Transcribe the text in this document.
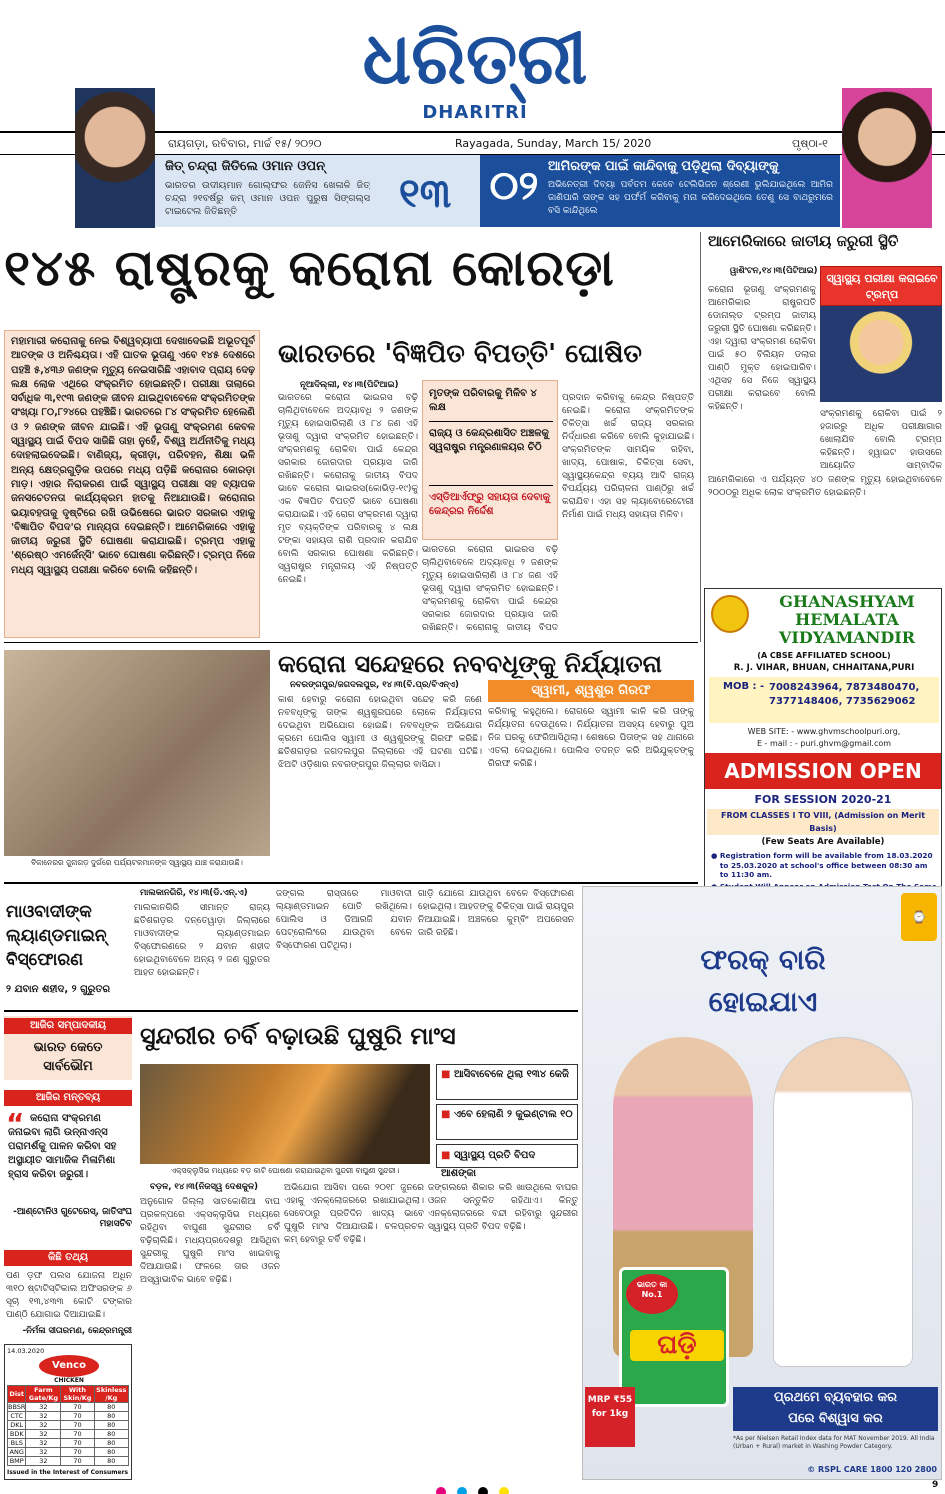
ଧରିତ୍ରୀ
DHARITRI
ରାୟଗଡ଼ା, ରବିବାର, ମାର୍ଚ୍ଚ ୧୫/ ୨୦୨୦	Rayagada, Sunday, March 15/ 2020	ପୃଷ୍ଠା-୧
ଜିତ୍ ଚନ୍ଦ୍ରା ଜିତିଲେ ଓମାନ ଓପନ୍
ଭାରତର ଉଦୀୟମାନ ଗୋଲ୍ଫର ଜେନିସ ଖେଳାଳି ଜିତ୍ ଚନ୍ଦ୍ରା ୨୧ବର୍ଷରୁ କମ୍ ଓମାନ ଓପନ ପୁରୁଷ ସିଙ୍ଗଲ୍ସ ଟାଇଟେଲ ଜିତିଛନ୍ତି	୧୩ ୦୨ ଆମିରଙ୍କ ପାଇଁ କାନ୍ଦିବାକୁ ପଡ଼ିଥିଲା ଦିବ୍ୟାଙ୍କୁ
ଅଭିନେତ୍ରୀ ଦିବ୍ୟା ପର୍ବତମ କେବେ ଟେଲିଭିଜନ ଶ୍ରେଣୀ ଭୁଲିଯାଇଥିଲେ ଆମିର ଜାଣିପାରି ତାଙ୍କ ସହ ପର୍ଫର୍ମ କରିବାକୁ ମନା କରିଦେଇଥିଲେ ତେଣୁ ସେ ବାଥରୁମରେ ବସି କାନ୍ଦିଥିଲେ
୧୪୫ ରାଷ୍ଟ୍ରକୁ କରୋନା କୋରଡ଼ା
ମହାମାରୀ କରୋନାକୁ ନେଇ ବିଶ୍ୱବ୍ୟାପୀ ଦେଖାଦେଇଛି ଅଭୂତପୂର୍ବ ଆତଙ୍କ ଓ ଅନିଶ୍ଚୟତା। ଏହି ଘାତକ ଭୂତାଣୁ ଏବେ ୧୪୫ ଦେଶରେ ପହଞ୍ଚି ୫,୪୩୬ ଜଣଙ୍କ ମୃତ୍ୟୁ ନେଇସାରିଛି ଏହାବାଦ ପ୍ରାୟ ଦେଢ଼ ଲକ୍ଷ ଲୋକ ଏଥିରେ ସଂକ୍ରମିତ ହୋଇଛନ୍ତି। ପରୀକ୍ଷା ତାଲାରେ ସର୍ବାଧିକ ୩,୧୯୩ ଜଣଙ୍କ ଜୀବନ ଯାଇଥିବାବେଳେ ସଂକ୍ରମିତଙ୍କ ସଂଖ୍ୟା ୮୦,୮୨୪ରେ ପହଞ୍ଚିଛି। ଭାରତରେ ୮୪ ସଂକ୍ରମିତ ହେଲେଣି ଓ ୨ ଜଣଙ୍କ ଜୀବନ ଯାଇଛି। ଏହି ଭୂତାଣୁ ସଂକ୍ରମଣ କେବଳ ସ୍ୱାସ୍ଥ୍ୟ ପାଇଁ ବିପଦ ସାଜିଛି ତାହା ନୁହେଁ, ବିଶ୍ୱ ଅର୍ଥନୀତିକୁ ମଧ୍ୟ ଦୋହଲାଇଦେଇଛି। ବାଣିଜ୍ୟ, କ୍ରୀଡ଼ା, ପରିବହନ, ଶିକ୍ଷା ଭଳି ଅନ୍ୟ କ୍ଷେତ୍ରଗୁଡ଼ିକ ଉପରେ ମଧ୍ୟ ପଡ଼ିଛି କରୋନାର କୋରଡ଼ା ମାଡ଼। ଏହାର ନିରାକରଣ ପାଇଁ ସ୍ୱାସ୍ଥ୍ୟ ପରୀକ୍ଷା ସହ ବ୍ୟାପକ ଜନସଚେତନତା କାର୍ଯ୍ୟକ୍ରମ ହାତକୁ ନିଆଯାଉଛି। କରୋନାର ଭୟାବହତାକୁ ଦୃଷ୍ଟିରେ ରଖି ଉଭିଷେରେ ଭାରତ ସରକାର ଏହାକୁ 'ବିଜ୍ଞାପିତ ବିପଦ'ର ମାନ୍ୟତା ଦେଇଛନ୍ତି। ଆମେରିକାରେ ଏହାକୁ ଜାତୀୟ ଜରୁରୀ ସ୍ଥିତି ଘୋଷଣା କରାଯାଇଛି। ଟ୍ରମ୍ପ ଏହାକୁ 'ଶ୍ରେଷ୍ଠ ଏମର୍ଜେନ୍ସି' ଭାବେ ଘୋଷଣା କରିଛନ୍ତି। ଟ୍ରମ୍ପ ନିଜେ ମଧ୍ୟ ସ୍ୱାସ୍ଥ୍ୟ ପରୀକ୍ଷା କରିବେ ବୋଲି କହିଛନ୍ତି।
ଭାରତରେ 'ବିଜ୍ଞପିତ ବିପତ୍ତି' ଘୋଷିତ
ନୂଆଦିଲ୍ଲୀ, ୧୪।୩(ପିଟିଆଇ)
ଭାରତରେ କରୋନା ଭାଇରସ ବଢ଼ି ଚାଲିଥିବାବେଳେ ଅଦ୍ୟାବଧି ୨ ଜଣଙ୍କ ମୃତ୍ୟୁ ହୋଇସାରିଲାଣି ଓ ୮୪ ଜଣ ଏହି ଭୂତାଣୁ ଦ୍ୱାରା ସଂକ୍ରମିତ ହୋଇଛନ୍ତି। ସଂକ୍ରମଣକୁ ରୋକିବା ପାଇଁ କେନ୍ଦ୍ର ସରକାର ଜୋରଦାର ପ୍ରୟାସ ଜାରି ରଖିଛନ୍ତି। କରୋନାକୁ ଜାତୀୟ ବିପଦ ଭାବେ କରୋନା ଭାଇରସ(କୋଭିଡ଼-୧୯)କୁ ଏକ ବିଜ୍ଞପିତ ବିପତ୍ତି ଭାବେ ଘୋଷଣା କରାଯାଇଛି। ଏହି ରୋଗ ସଂକ୍ରମଣ ଦ୍ୱାରା ମୃତ ବ୍ୟକ୍ତିଙ୍କ ପରିବାରକୁ ୪ ଲକ୍ଷ ଟଙ୍କା ସହାୟତା ରାଶି ପ୍ରଦାନ କରାଯିବ ବୋଲି ସରକାର ଘୋଷଣା କରିଛନ୍ତି। ସ୍ୱରାଷ୍ଟ୍ର ମନ୍ତ୍ରାଳୟ ଏହି ନିଷ୍ପତ୍ତି ନେଇଛି।
ମୃତଙ୍କ ପରିବାରକୁ ମିଳିବ ୪ ଲକ୍ଷ
ରାଜ୍ୟ ଓ କେନ୍ଦ୍ରଶାସିତ ଅଞ୍ଚଳକୁ ସ୍ୱରାଷ୍ଟ୍ର ମନ୍ତ୍ରଣାଳୟର ଚିଠି
ଏସ୍ଡିଆର୍ଏଫ୍‌ରୁ ସହାୟତା ଦେବାକୁ କେନ୍ଦ୍ରର ନିର୍ଦ୍ଦେଶ
ଭାରତରେ କରୋନା ଭାଇରସ ବଢ଼ି ଚାଲିଥିବାବେଳେ ଅଦ୍ୟାବଧି ୨ ଜଣଙ୍କ ମୃତ୍ୟୁ ହୋଇସାରିଲାଣି ଓ ୮୪ ଜଣ ଏହି ଭୂତାଣୁ ଦ୍ୱାରା ସଂକ୍ରମିତ ହୋଇଛନ୍ତି। ସଂକ୍ରମଣକୁ ରୋକିବା ପାଇଁ କେନ୍ଦ୍ର ସରକାର ଜୋରଦାର ପ୍ରୟାସ ଜାରି ରଖିଛନ୍ତି। କରୋନାକୁ ଜାତୀୟ ବିପଦ
ପ୍ରଦାନ କରିବାକୁ କେନ୍ଦ୍ର ନିଷ୍ପତ୍ତି ନେଇଛି। କରୋନା ସଂକ୍ରମିତଙ୍କ ଚିକିତ୍ସା ଖର୍ଚ୍ଚ ରାଜ୍ୟ ସରକାର ନିର୍ଦ୍ଧାରଣ କରିବେ ବୋଲି କୁହାଯାଇଛି। ସଂକ୍ରମିତଙ୍କ ସାମୟିକ ରହିବା, ଖାଦ୍ୟ, ପୋଷାକ, ଚିକିତ୍ସା ସେବା, ସ୍ୱାସ୍ଥ୍ୟକେନ୍ଦ୍ର ବ୍ୟୟ ଆଦି ରାଜ୍ୟ ବିପର୍ଯ୍ୟୟ ପରିଚାଳନା ପାଣ୍ଠିରୁ ଖର୍ଚ୍ଚ କରାଯିବ। ଏହା ସହ ଲ୍ୟାବୋରେଟୋରୀ ନିର୍ମାଣ ପାଇଁ ମଧ୍ୟ ସହାୟତା ମିଳିବ।
ଆମେରିକାରେ ଜାତୀୟ ଜରୁରୀ ସ୍ଥିତି
ୱାଶିଂଟନ,୧୪।୩(ପିଟିଆଇ)
କରୋନା ଭୂତାଣୁ ସଂକ୍ରମଣକୁ ଆମେରିକାର ରାଷ୍ଟ୍ରପତି ଡୋନାଲ୍ଡ ଟ୍ରମ୍ପ ଜାତୀୟ ଜରୁରୀ ସ୍ଥିତି ଘୋଷଣା କରିଛନ୍ତି। ଏହା ଦ୍ୱାରା ସଂକ୍ରମଣ ରୋକିବା ପାଇଁ ୫୦ ବିଲିୟନ ଡଲାର ପାଣ୍ଠି ମୁକ୍ତ ହୋଇପାରିବ। ଏଥିସହ ସେ ନିଜେ ସ୍ୱାସ୍ଥ୍ୟ ପରୀକ୍ଷା କରାଇବେ ବୋଲି କହିଛନ୍ତି।
ସ୍ୱାସ୍ଥ୍ୟ ପରୀକ୍ଷା କରାଇବେ ଟ୍ରମ୍ପ
ସଂକ୍ରମଣକୁ ରୋକିବା ପାଇଁ ୨ ହଜାରରୁ ଅଧିକ ପରୀକ୍ଷାଗାର ଖୋଲାଯିବ ବୋଲି ଟ୍ରମ୍ପ କହିଛନ୍ତି। ହ୍ୱାଇଟ ହାଉସରେ ଆୟୋଜିତ ସାମ୍ବାଦିକ
ଆମେରିକାରେ ଏ ପର୍ଯ୍ୟନ୍ତ ୪୦ ଜଣଙ୍କ ମୃତ୍ୟୁ ହୋଇଥିବାବେଳେ ୨୦୦୦ରୁ ଅଧିକ ଲୋକ ସଂକ୍ରମିତ ହୋଇଛନ୍ତି।
GHANASHYAM
HEMALATA
VIDYAMANDIR
(A CBSE AFFILIATED SCHOOL)
R. J. VIHAR, BHUAN, CHHAITANA,PURI
MOB : - 7008243964, 7873480470,
7377148406, 7735629062
WEB SITE: - www.ghvmschoolpuri.org,
E - mail : - puri.ghvm@gmail.com
ADMISSION OPEN
FOR SESSION 2020-21
FROM CLASSES I TO VIII, (Admission on Merit Basis)
(Few Seats Are Available)
● Registration form will be available from 18.03.2020 to 25.03.2020 at school's office between 08:30 am to 11:30 am.
ବିକାନେରର ଜୁନାଗଡ଼ ଦୁର୍ଗରେ ପର୍ଯ୍ୟଟକମାନଙ୍କ ସ୍ୱାସ୍ଥ୍ୟ ଯାଞ୍ଚ କରାଯାଉଛି।
କରୋନା ସନ୍ଦେହରେ ନବବଧୂଙ୍କୁ ନିର୍ଯ୍ୟାତନା
ନବରଙ୍ଗପୁର/ଜଗଦଲପୁର, ୧୪।୩(ବି.ପ୍ର/ବିଏନ୍ଏ)	ସ୍ୱାମୀ, ଶ୍ୱଶୁର ଗିରଫ
କାଶ ହେବାରୁ କରୋନା ହୋଇଥିବା ସନ୍ଦେହ କରି ଜଣେ ନବବଧୂଙ୍କୁ ତାଙ୍କ ଶ୍ୱଶୁରଘରେ ଲୋକେ ନିର୍ଯ୍ୟାତନା ଦେଇଥିବା ଅଭିଯୋଗ ହୋଇଛି। ନବବଧୂଙ୍କ ଅଭିଯୋଗ କ୍ରମେ ପୋଲିସ ସ୍ୱାମୀ ଓ ଶ୍ୱଶୁରଙ୍କୁ ଗିରଫ କରିଛି। ଛତିଶଗଡ଼ର ଜଗଦଲପୁର ଜିଲ୍ଲାରେ ଏହି ଘଟଣା ଘଟିଛି। ଝିଅଟି ଓଡ଼ିଶାର ନବରଙ୍ଗପୁର ଜିଲ୍ଲାର ବାସିନ୍ଦା।
କରିବାକୁ କହୁଥିଲେ। ରୋଗରେ ସ୍ୱାମୀ କାଳି କରି ତାଙ୍କୁ ନିର୍ଯ୍ୟାତନା ଦେଉଥିଲେ। ନିର୍ଯ୍ୟାତନା ଅସହ୍ୟ ହେବାରୁ ପୁଅ ନିଜ ଘରକୁ ଫେରିଆସିଥିଲା। ଶେଷରେ ପିତାଙ୍କ ସହ ଥାନାରେ ଏତଲା ଦେଇଥିଲେ। ପୋଲିସ ତଦନ୍ତ କରି ଅଭିଯୁକ୍ତଙ୍କୁ ଗିରଫ କରିଛି।
ମାଓବାଦୀଙ୍କ
ଲ୍ୟାଣ୍ଡମାଇନ୍
ବିସ୍ଫୋରଣ
୨ ଯବାନ ଶହୀଦ, ୨ ଗୁରୁତର
ମାଲକାନଗିରି, ୧୪।୩(ଡି.ଏନ୍.ଏ)
ମାଲକାନଗିରି ସୀମାନ୍ତ ରାଜ୍ୟ ଛତିଶଗଡ଼ର ଦନ୍ତେୱାଡ଼ା ଜିଲ୍ଲାରେ ମାଓବାଦୀଙ୍କ ଲ୍ୟାଣ୍ଡମାଇନ ବିସ୍ଫୋରଣରେ ୨ ଯବାନ ଶହୀଦ ହୋଇଥିବାବେଳେ ଅନ୍ୟ ୨ ଜଣ ଗୁରୁତର ଆହତ ହୋଇଛନ୍ତି।
ଜଙ୍ଗଲ ରାସ୍ତାରେ ମାଓବାଦୀ ଲ୍ୟାଣ୍ଡମାଇନ ପୋତି ରଖିଥିଲେ। ପୋଲିସ ଓ ଡିଆରଜି ଯବାନ ପେଟ୍ରୋଲିଂରେ ଯାଉଥିବା ବେଳେ ବିସ୍ଫୋରଣ ଘଟିଥିଲା।
ଗାଡ଼ି ଯୋଗେ ଯାଉଥିବା ବେଳେ ବିସ୍ଫୋରଣ ହୋଇଥିଲା। ଆହତଙ୍କୁ ଚିକିତ୍ସା ପାଇଁ ରାୟପୁର ନିଆଯାଇଛି। ଅଞ୍ଚଳରେ କୁମ୍ବିଂ ଅପରେସନ ଜାରି ରହିଛି।
⌚
ଫରକ୍ ବାରି
ହୋଇଯାଏ
ଭାରତ କା No.1
ଘଡ଼ି
MRP ₹55 for 1kg
ପ୍ରଥମେ ବ୍ୟବହାର କର
ପରେ ବିଶ୍ୱାସ କର
*As per Nielsen Retail Index data for MAT November 2019. All India (Urban + Rural) market in Washing Powder Category.
© RSPL CARE 1800 120 2800
ଆଜିର ସମ୍ପାଦକୀୟ
ଭାରତ କେତେ ସାର୍ବଭୌମ
ଆଜିର ମନ୍ତବ୍ୟ
“ କରୋନା ସଂକ୍ରମଣ ଜନାଇବା ଲାଗି ଉନ୍ନାଏନ୍ସ ପରାମର୍ଶକୁ ପାଳନ କରିବା ସହ ଅସ୍ଥାୟୀତ ସାମାଜିକ ମିଳାମିଶା ହ୍ରାସ କରିବା ଜରୁରୀ।
-ଆଣ୍ଟୋନିଓ ଗୁଟେରେସ୍, ଜାତିସଂଘ ମହାସଚିବ
କିଛି ତଥ୍ୟ
ପଣ ଡ଼ଫ ପଲସ ଯୋଜନା ଅଧିନ ୩୧୦ ଷ୍ଟାଟିସ୍ଟିକାଲ ଅଫିସରଙ୍କ ୬ ସୂଚା ୧୩,୪୩୩ କୋଟି ଟଙ୍କାର ପାଣ୍ଠି ଯୋଗାଇ ଦିଆଯାଇଛି।
-ନିର୍ମଳା ସୀତାରମଣ, କେନ୍ଦ୍ରମନ୍ତ୍ରୀ
14.03.2020
Venco
CHICKEN
Dist	Farm Gate/Kg	With Skin/Kg	Skinless /Kg
BBSR	32	70	80
CTC	32	70	80
DKL	32	70	80
BDK	32	70	80
BLS	32	70	80
ANG	32	70	80
BMP	32	70	80
Issued in the Interest of Consumers
ସୁନ୍ଦରୀର ଚର୍ବି ବଢ଼ାଉଛି ଘୁଷୁରି ମାଂସ
ଏକ୍ସକ୍ଲୁସିଭ ମଧ୍ୟରେ ବଡ଼ କାଟି ଘୋଷଣା କରାଯାଇଥିବା ସୁନ୍ଦରୀ ବାଘୁଣୀ ସୁନ୍ଦରୀ।
■ ଆସିବାବେଳେ ଥିଲା ୧୩୪ କେଜି
■ ଏବେ ହେଲାଣି ୨ କୁଇଣ୍ଟାଲ ୧୦
■ ସ୍ୱାସ୍ଥ୍ୟ ପ୍ରତି ବିପଦ ଆଶଙ୍କା
ବଡ଼ଳ, ୧୪।୩(ନିଜସ୍ୱ ଦେଶକୁଳ)
ଅନୁଗୋଳ ଜିଲ୍ଲା ସାତକୋଶିଆ ବାଘ ପ୍ରକଳ୍ପରେ ଏକ୍ସକ୍ଲୁସିଭ ମଧ୍ୟରେ ରହିଥିବା ବାଘୁଣୀ ସୁନ୍ଦରୀର ଚର୍ବି ବଢ଼ିଚାଲିଛି। ମଧ୍ୟପ୍ରଦେଶରୁ ଆସିଥିବା ସୁନ୍ଦରୀକୁ ଘୁଷୁରି ମାଂସ ଖାଇବାକୁ ଦିଆଯାଉଛି। ଫଳରେ ତାର ଓଜନ ଅସ୍ୱାଭାବିକ ଭାବେ ବଢ଼ିଛି।
ଅଭିଯୋଗ ଆସିବା ପରେ ୨୦୧୮ ଜୁନରେ ଏହାକୁ ଏନକ୍ଲୋଜରରେ ରଖାଯାଇଥିଲା। ସେବେଠାରୁ ପ୍ରତିଦିନ ଖାଦ୍ୟ ଭାବେ ଘୁଷୁରି ମାଂସ ଦିଆଯାଉଛି। ଚଳପ୍ରଚଳ କମ୍ ହେବାରୁ ଚର୍ବି ବଢ଼ିଛି।
ଜଙ୍ଗଲରେ ଶିକାର କରି ଖାଉଥିଲେ ବାଘର ଓଜନ ସନ୍ତୁଳିତ ରହିଥାଏ। କିନ୍ତୁ ଏନକ୍ଲୋଜରରେ ବନ୍ଦୀ ରହିବାରୁ ସୁନ୍ଦରୀର ସ୍ୱାସ୍ଥ୍ୟ ପ୍ରତି ବିପଦ ବଢ଼ିଛି।

9
